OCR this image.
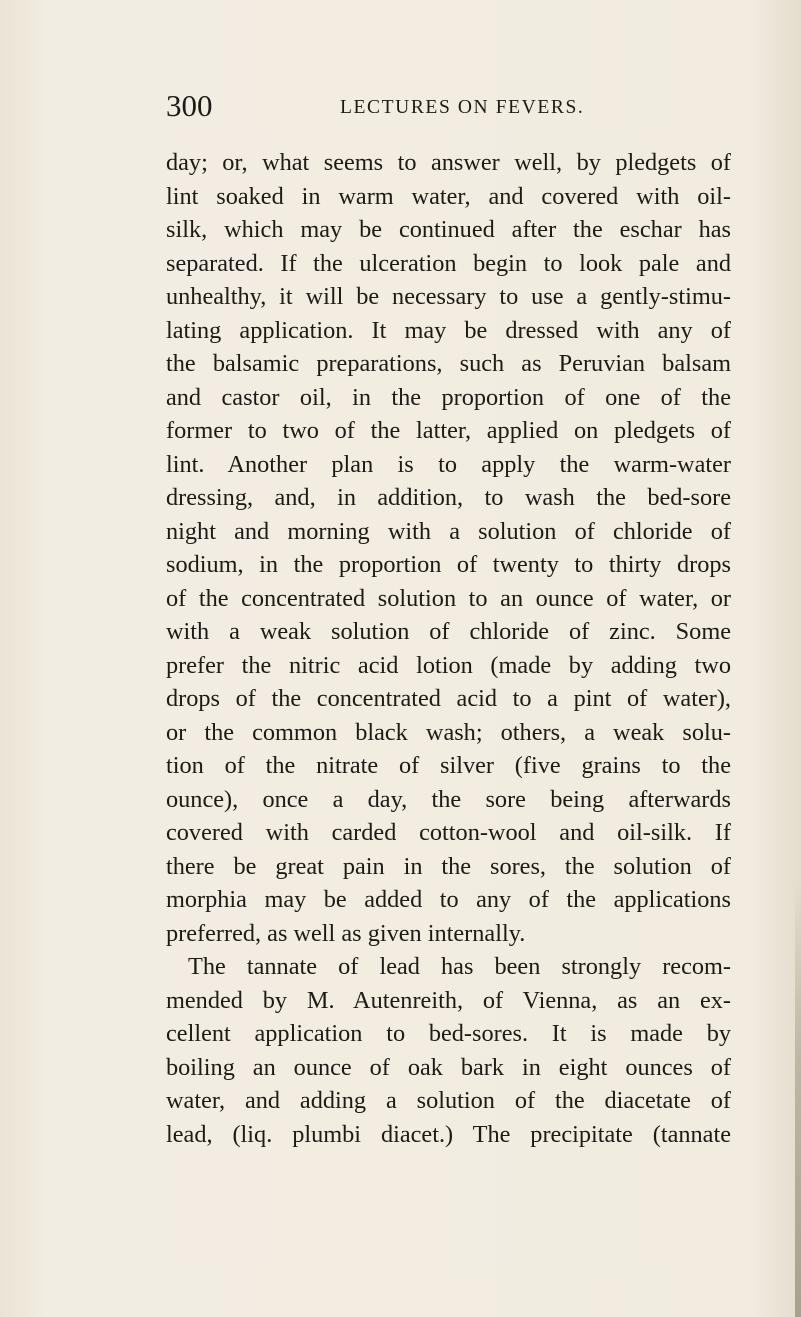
300	LECTURES ON FEVERS.
day; or, what seems to answer well, by pledgets of
lint soaked in warm water, and covered with oil-
silk, which may be continued after the eschar has
separated. If the ulceration begin to look pale and
unhealthy, it will be necessary to use a gently-stimu-
lating application. It may be dressed with any of
the balsamic preparations, such as Peruvian balsam
and castor oil, in the proportion of one of the
former to two of the latter, applied on pledgets of
lint. Another plan is to apply the warm-water
dressing, and, in addition, to wash the bed-sore
night and morning with a solution of chloride of
sodium, in the proportion of twenty to thirty drops
of the concentrated solution to an ounce of water, or
with a weak solution of chloride of zinc. Some
prefer the nitric acid lotion (made by adding two
drops of the concentrated acid to a pint of water),
or the common black wash; others, a weak solu-
tion of the nitrate of silver (five grains to the
ounce), once a day, the sore being afterwards
covered with carded cotton-wool and oil-silk. If
there be great pain in the sores, the solution of
morphia may be added to any of the applications
preferred, as well as given internally.
The tannate of lead has been strongly recom-
mended by M. Autenreith, of Vienna, as an ex-
cellent application to bed-sores. It is made by
boiling an ounce of oak bark in eight ounces of
water, and adding a solution of the diacetate of
lead, (liq. plumbi diacet.) The precipitate (tannate
